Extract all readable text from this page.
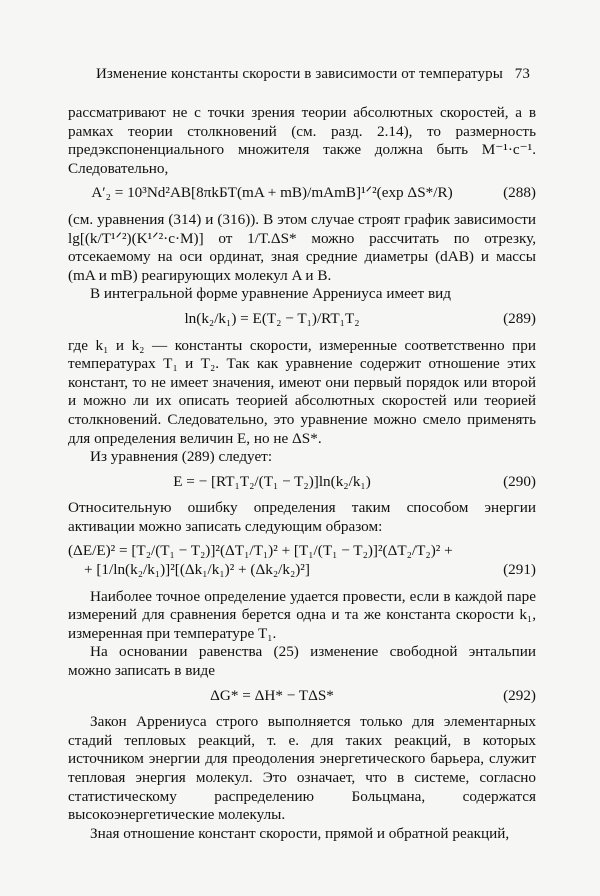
Изменение константы скорости в зависимости от температуры 73

рассматривают не с точки зрения теории абсолютных скоростей, а в рамках теории столкновений (см. разд. 2.14), то размерность предэкспоненциального множителя также должна быть М⁻¹·с⁻¹. Следовательно,

A′₂ = 10³Nd²AB[8πkБT(mA + mB)/mAmB]¹ᐟ²(exp ΔS*/R)	(288)

(см. уравнения (314) и (316)). В этом случае строят график зависимости lg[(k/T¹ᐟ²)(K¹ᐟ²·с·М)] от 1/T.ΔS* можно рассчитать по отрезку, отсекаемому на оси ординат, зная средние диаметры (dAB) и массы (mA и mB) реагирующих молекул A и B.

В интегральной форме уравнение Аррениуса имеет вид

ln(k₂/k₁) = E(T₂ − T₁)/RT₁T₂	(289)

где k₁ и k₂ — константы скорости, измеренные соответственно при температурах T₁ и T₂. Так как уравнение содержит отношение этих констант, то не имеет значения, имеют они первый порядок или второй и можно ли их описать теорией абсолютных скоростей или теорией столкновений. Следовательно, это уравнение можно смело применять для определения величин E, но не ΔS*.

Из уравнения (289) следует:

E = − [RT₁T₂/(T₁ − T₂)]ln(k₂/k₁)	(290)

Относительную ошибку определения таким способом энергии активации можно записать следующим образом:

(ΔE/E)² = [T₂/(T₁ − T₂)]²(ΔT₁/T₁)² + [T₁/(T₁ − T₂)]²(ΔT₂/T₂)² +
+ [1/ln(k₂/k₁)]²[(Δk₁/k₁)² + (Δk₂/k₂)²]	(291)

Наиболее точное определение удается провести, если в каждой паре измерений для сравнения берется одна и та же константа скорости k₁, измеренная при температуре T₁.

На основании равенства (25) изменение свободной энтальпии можно записать в виде

ΔG* = ΔH* − TΔS*	(292)

Закон Аррениуса строго выполняется только для элементарных стадий тепловых реакций, т. е. для таких реакций, в которых источником энергии для преодоления энергетического барьера, служит тепловая энергия молекул. Это означает, что в системе, согласно статистическому распределению Больцмана, содержатся высокоэнергетические молекулы.

Зная отношение констант скорости, прямой и обратной реакций,
